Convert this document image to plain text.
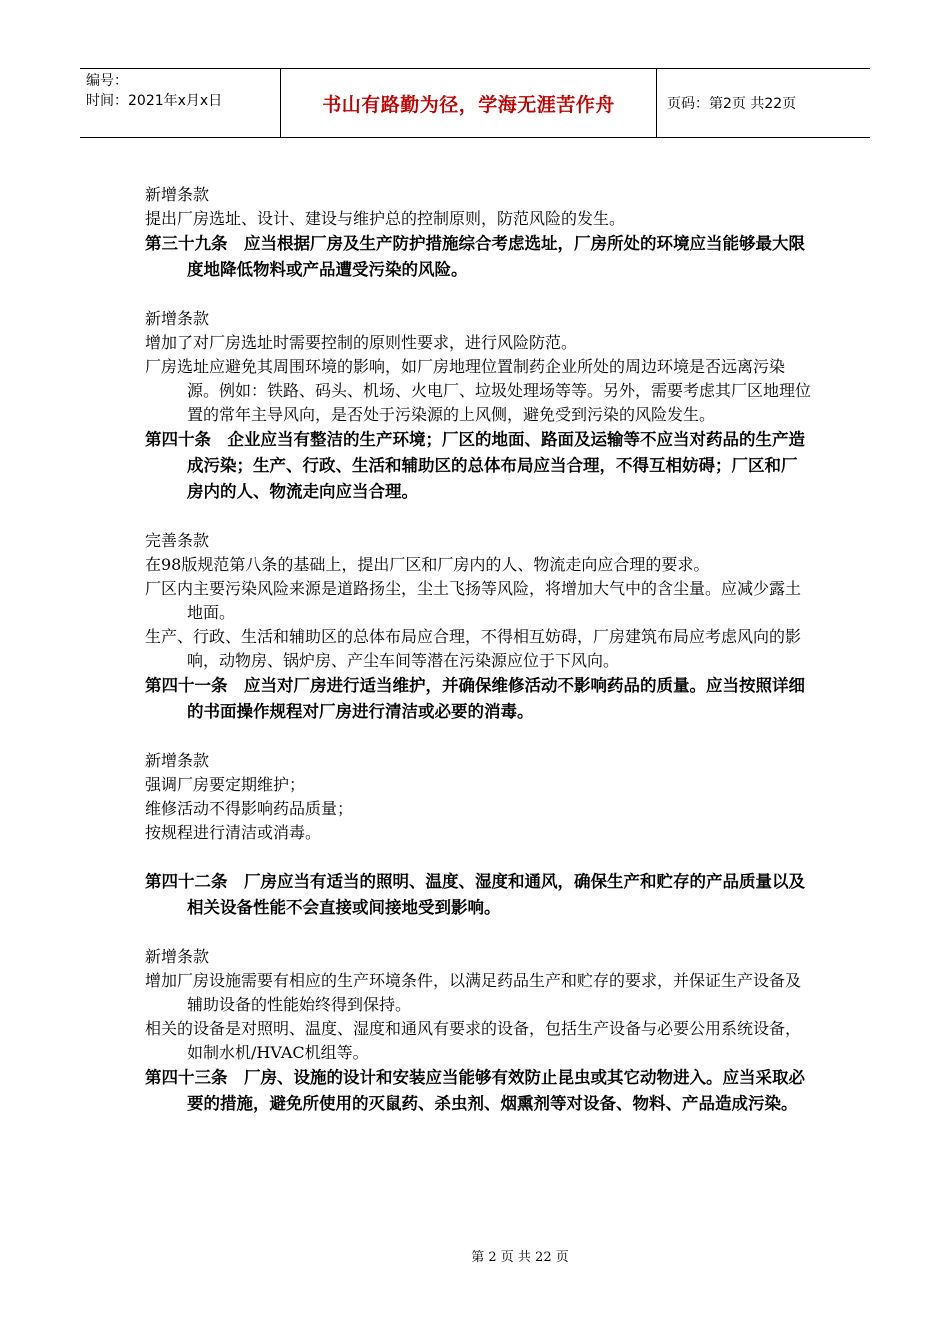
编号：
时间：2021年x月x日	书山有路勤为径，学海无涯苦作舟	页码：第2页 共22页
新增条款
提出厂房选址、设计、建设与维护总的控制原则，防范风险的发生。
第三十九条　应当根据厂房及生产防护措施综合考虑选址，厂房所处的环境应当能够最大限度地降低物料或产品遭受污染的风险。
新增条款
增加了对厂房选址时需要控制的原则性要求，进行风险防范。
厂房选址应避免其周围环境的影响，如厂房地理位置制药企业所处的周边环境是否远离污染源。例如：铁路、码头、机场、火电厂、垃圾处理场等等。另外，需要考虑其厂区地理位置的常年主导风向，是否处于污染源的上风侧，避免受到污染的风险发生。
第四十条　企业应当有整洁的生产环境；厂区的地面、路面及运输等不应当对药品的生产造成污染；生产、行政、生活和辅助区的总体布局应当合理，不得互相妨碍；厂区和厂房内的人、物流走向应当合理。
完善条款
在98版规范第八条的基础上，提出厂区和厂房内的人、物流走向应合理的要求。
厂区内主要污染风险来源是道路扬尘，尘土飞扬等风险，将增加大气中的含尘量。应减少露土地面。
生产、行政、生活和辅助区的总体布局应合理，不得相互妨碍，厂房建筑布局应考虑风向的影响，动物房、锅炉房、产尘车间等潜在污染源应位于下风向。
第四十一条　应当对厂房进行适当维护，并确保维修活动不影响药品的质量。应当按照详细的书面操作规程对厂房进行清洁或必要的消毒。
新增条款
强调厂房要定期维护；
维修活动不得影响药品质量；
按规程进行清洁或消毒。
第四十二条　厂房应当有适当的照明、温度、湿度和通风，确保生产和贮存的产品质量以及相关设备性能不会直接或间接地受到影响。
新增条款
增加厂房设施需要有相应的生产环境条件，以满足药品生产和贮存的要求，并保证生产设备及辅助设备的性能始终得到保持。
相关的设备是对照明、温度、湿度和通风有要求的设备，包括生产设备与必要公用系统设备，如制水机/HVAC机组等。
第四十三条　厂房、设施的设计和安装应当能够有效防止昆虫或其它动物进入。应当采取必要的措施，避免所使用的灭鼠药、杀虫剂、烟熏剂等对设备、物料、产品造成污染。
第 2 页 共 22 页
